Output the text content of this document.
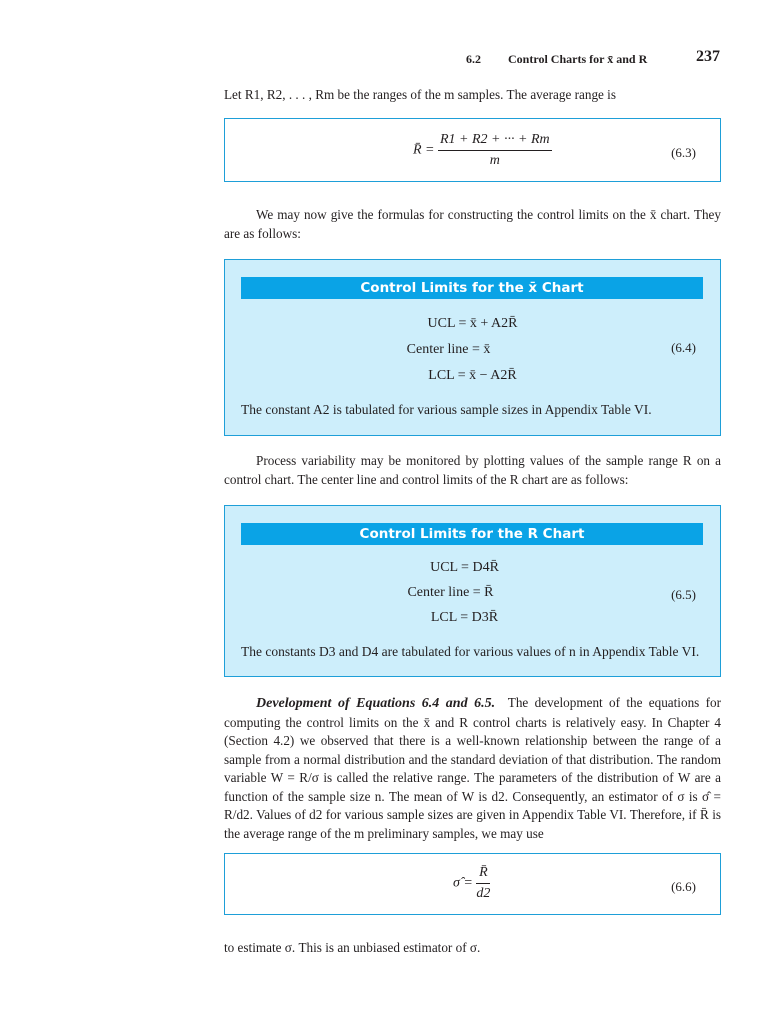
6.2 Control Charts for x̄ and R	237
Let R1, R2, . . . , Rm be the ranges of the m samples. The average range is
R̄ = $\frac{R1 + R2 + \cdot\cdot\cdot + Rm}{m}$	(6.3)
We may now give the formulas for constructing the control limits on the x̄ chart. They are as follows:
Control Limits for the x̄ Chart
UCL = x̄ + A2R̄
Center line = x̄
LCL = x̄ − A2R̄
(6.4)
The constant A2 is tabulated for various sample sizes in Appendix Table VI.
Process variability may be monitored by plotting values of the sample range R on a control chart. The center line and control limits of the R chart are as follows:
Control Limits for the R Chart
UCL = D4R̄
Center line = R̄
LCL = D3R̄
(6.5)
The constants D3 and D4 are tabulated for various values of n in Appendix Table VI.
Development of Equations 6.4 and 6.5. The development of the equations for computing the control limits on the x̄ and R control charts is relatively easy. In Chapter 4 (Section 4.2) we observed that there is a well-known relationship between the range of a sample from a normal distribution and the standard deviation of that distribution. The random variable W = R/σ is called the relative range. The parameters of the distribution of W are a function of the sample size n. The mean of W is d2. Consequently, an estimator of σ is σ̂ = R/d2. Values of d2 for various sample sizes are given in Appendix Table VI. Therefore, if R̄ is the average range of the m preliminary samples, we may use
σ̂ = $\frac{R̄}{d2}$	(6.6)
to estimate σ. This is an unbiased estimator of σ.
